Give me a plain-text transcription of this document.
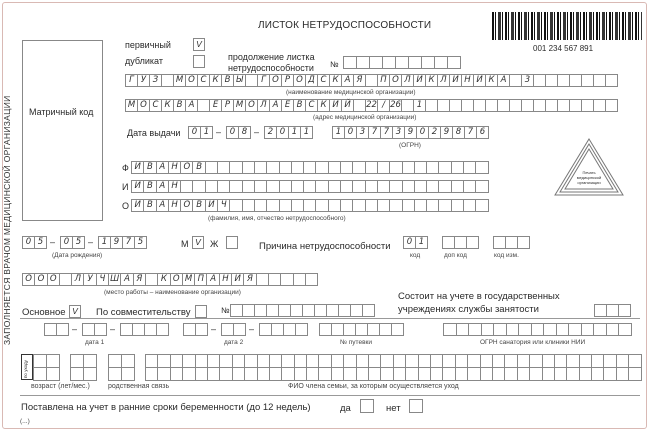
ЛИСТОК НЕТРУДОСПОСОБНОСТИ
001 234 567 891
ЗАПОЛНЯЕТСЯ ВРАЧОМ МЕДИЦИНСКОЙ ОРГАНИЗАЦИИ Матричный код
первичный	V
дубликат	продолжение листка
нетрудоспособности №
Г У З	М О С К В Ы	Г О Р О Д С К А Я	П О Л И К Л И Н И К А	3
(наименование медицинской организации)
М О С К В А	Е Р М О Л А Е В С К И Й	22 / 26	1
(адрес медицинской организации)
Дата выдачи	0 1 –	0 8 –	2 0 1 1	1 0 3 7 7 3 9 0 2 9 8 7 6
(ОГРН)
Печать медицинской организации
Ф И В А Н О В
И И В А Н
О И В А Н О В И Ч
(фамилия, имя, отчество нетрудоспособного)
0 5 –	0 5 –	1 9 7 5
(Дата рождения)
М V	Ж	Причина нетрудоспособности	0 1
код	доп код	код изм.
О О О	Л У Ч Ш А Я	К О М П А Н И Я
(место работы – наименование организации)	Состоит на учете в государственных
учреждениях службы занятости
Основное V	По совместительству	№
–	–
дата 1
–	–
дата 2	№ путевки	ОГРН санатория или клиники НИИ
по уходу
возраст (лет/мес.)	родственная связь	ФИО члена семьи, за которым осуществляется уход
Поставлена на учет в ранние сроки беременности (до 12 недель)	да	нет
(...)
